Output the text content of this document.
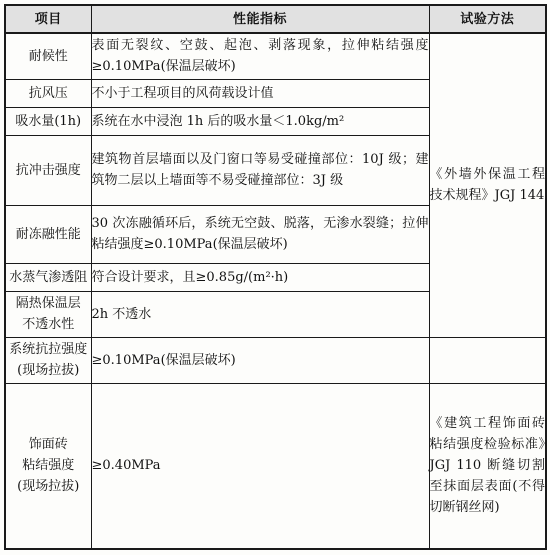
项目	性能指标	试验方法

耐候性	表面无裂纹、空鼓、起泡、剥落现象，拉伸粘结强度≥0.10MPa(保温层破坏)	《外墙外保温工程技术规程》JGJ 144

抗风压	不小于工程项目的风荷载设计值	

吸水量(1h)	系统在水中浸泡 1h 后的吸水量＜1.0kg/m²	

抗冲击强度	建筑物首层墙面以及门窗口等易受碰撞部位：10J 级；建筑物二层以上墙面等不易受碰撞部位：3J 级	

耐冻融性能	30 次冻融循环后，系统无空鼓、脱落，无渗水裂缝；拉伸粘结强度≥0.10MPa(保温层破坏)	

水蒸气渗透阻	符合设计要求，且≥0.85g/(m²·h)	

隔热保温层
不透水性	2h 不透水	

系统抗拉强度
(现场拉拔)	≥0.10MPa(保温层破坏)	

饰面砖
粘结强度
(现场拉拔)	≥0.40MPa	《建筑工程饰面砖粘结强度检验标准》JGJ 110 断缝切割至抹面层表面(不得切断钢丝网)
